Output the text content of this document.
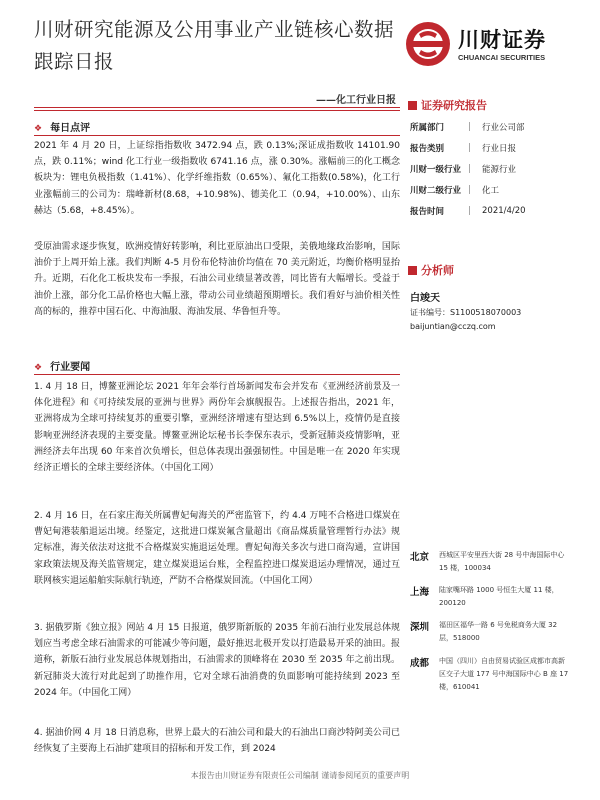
川财研究能源及公用事业产业链核心数据跟踪日报
川财证券
CHUANCAI SECURITIES
——化工行业日报
❖ 每日点评

2021 年 4 月 20 日，上证综指指数收 3472.94 点，跌 0.13%;深证成指数收 14101.90 点，跌 0.11%；wind 化工行业一级指数收 6741.16 点，涨 0.30%。涨幅前三的化工概念板块为：锂电负极指数（1.41%）、化学纤维指数（0.65%）、氟化工指数(0.58%)，化工行业涨幅前三的公司为：瑞峰新材(8.68，+10.98%)、德美化工（0.94，+10.00%）、山东赫达（5.68，+8.45%）。

受原油需求逐步恢复，欧洲疫情好转影响，利比亚原油出口受限，美俄地缘政治影响，国际油价于上周开始上涨。我们判断 4-5 月份布伦特油价均值在 70 美元附近，均衡价格明显抬升。近期，石化化工板块发布一季报，石油公司业绩显著改善，同比皆有大幅增长。受益于油价上涨，部分化工品价格也大幅上涨，带动公司业绩超预期增长。我们看好与油价相关性高的标的，推荐中国石化、中海油服、海油发展、华鲁恒升等。

❖ 行业要闻

1. 4 月 18 日，博鳌亚洲论坛 2021 年年会举行首场新闻发布会并发布《亚洲经济前景及一体化进程》和《可持续发展的亚洲与世界》两份年会旗舰报告。上述报告指出，2021 年，亚洲将成为全球可持续复苏的重要引擎，亚洲经济增速有望达到 6.5%以上，疫情仍是直接影响亚洲经济表现的主要变量。博鳌亚洲论坛秘书长李保东表示，受新冠肺炎疫情影响，亚洲经济去年出现 60 年来首次负增长，但总体表现出强强韧性。中国是唯一在 2020 年实现经济正增长的全球主要经济体。（中国化工网）

2. 4 月 16 日，在石家庄海关所属曹妃甸海关的严密监管下，约 4.4 万吨不合格进口煤炭在曹妃甸港装船退运出境。经鉴定，这批进口煤炭氟含量超出《商品煤质量管理暂行办法》规定标准，海关依法对这批不合格煤炭实施退运处理。曹妃甸海关多次与进口商沟通，宣讲国家政策法规及海关监管规定，建立煤炭退运台账，全程监控进口煤炭退运办理情况，通过互联网核实退运船舶实际航行轨迹，严防不合格煤炭回流。（中国化工网）

3. 据俄罗斯《独立报》网站 4 月 15 日报道，俄罗斯新版的 2035 年前石油行业发展总体规划应当考虑全球石油需求的可能减少等问题，最好推迟北极开发以打造最易开采的油田。报道称，新版石油行业发展总体规划指出，石油需求的顶峰将在 2030 至 2035 年之前出现。新冠肺炎大流行对此起到了助推作用，它对全球石油消费的负面影响可能持续到 2023 至 2024 年。（中国化工网）

4. 据油价网 4 月 18 日消息称，世界上最大的石油公司和最大的石油出口商沙特阿美公司已经恢复了主要海上石油扩建项目的招标和开发工作，到 2024

证券研究报告
所属部门	|	行业公司部
报告类别	|	行业日报
川财一级行业	|	能源行业
川财二级行业	|	化工
报告时间	|	2021/4/20
分析师
白竣天
证书编号：S1100518070003
baijuntian@cczq.com
北京 西城区平安里西大街 28 号中海国际中心 15 楼，100034
上海 陆家嘴环路 1000 号恒生大厦 11 楼，200120
深圳 福田区福华一路 6 号免税商务大厦 32 层，518000
成都 中国（四川）自由贸易试验区成都市高新区交子大道 177 号中海国际中心 B 座 17 楼，610041
本报告由川财证券有限责任公司编制 谨请参阅尾页的重要声明
